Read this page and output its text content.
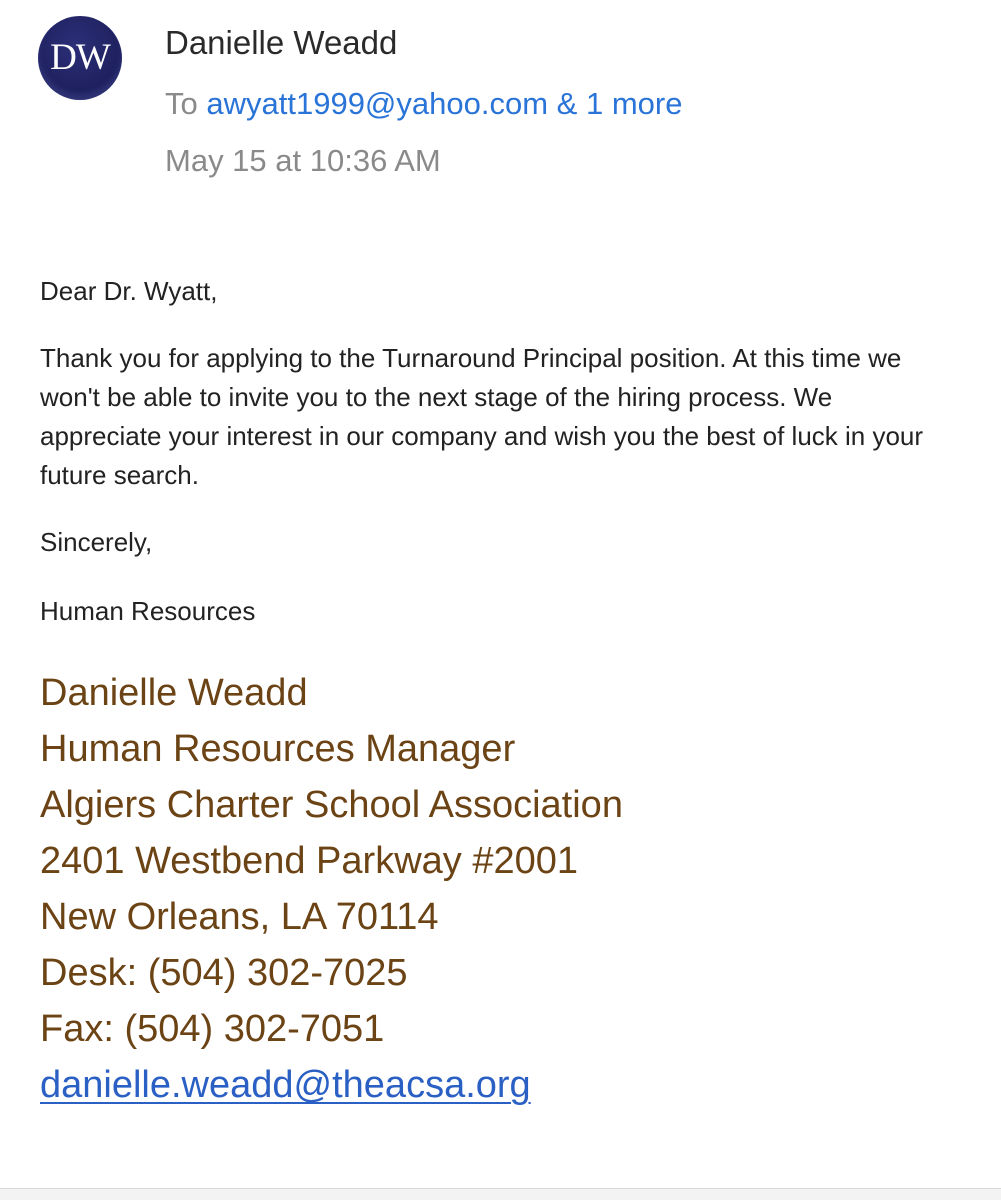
DW	Danielle Weadd
To awyatt1999@yahoo.com & 1 more
May 15 at 10:36 AM

Dear Dr. Wyatt,

Thank you for applying to the Turnaround Principal position. At this time we won't be able to invite you to the next stage of the hiring process. We appreciate your interest in our company and wish you the best of luck in your future search.

Sincerely,

Human Resources

Danielle Weadd
Human Resources Manager
Algiers Charter School Association
2401 Westbend Parkway #2001
New Orleans, LA 70114
Desk: (504) 302-7025
Fax: (504) 302-7051
danielle.weadd@theacsa.org
